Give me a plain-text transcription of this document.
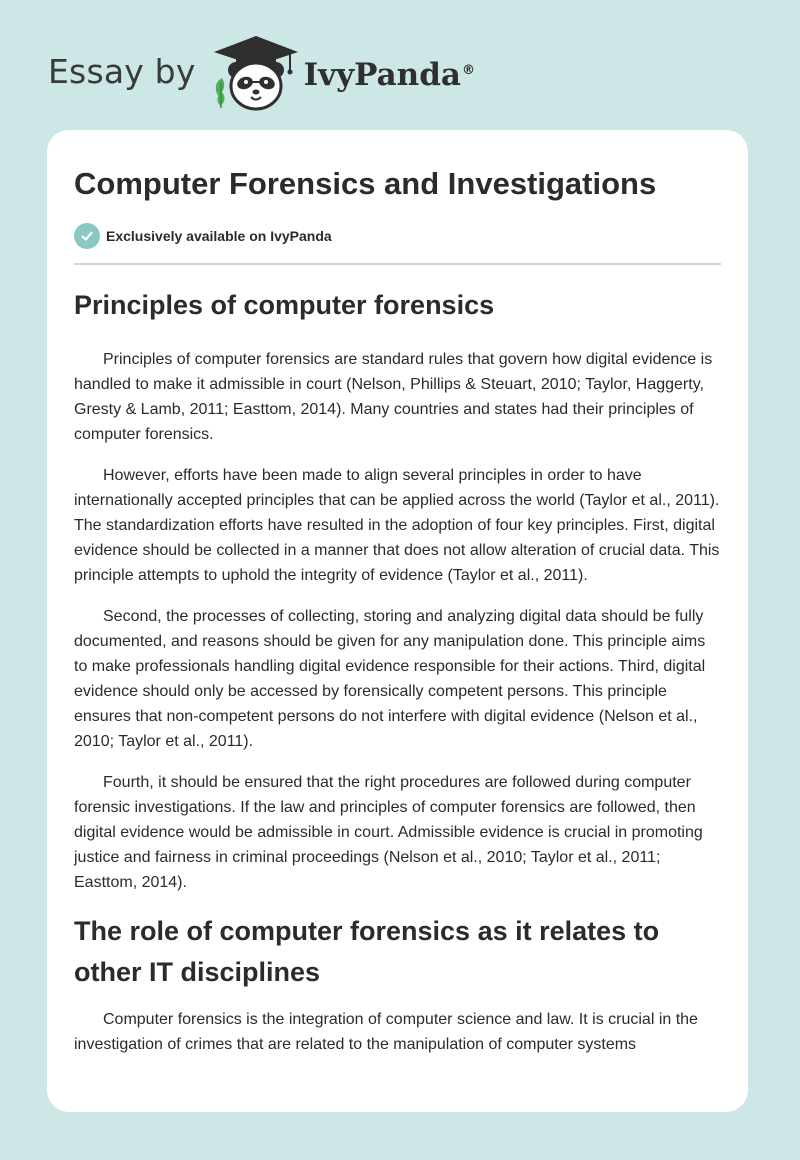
Essay by	IvyPanda®
Computer Forensics and Investigations
Exclusively available on IvyPanda
Principles of computer forensics

Principles of computer forensics are standard rules that govern how digital evidence is handled to make it admissible in court (Nelson, Phillips & Steuart, 2010; Taylor, Haggerty, Gresty & Lamb, 2011; Easttom, 2014). Many countries and states had their principles of computer forensics.

However, efforts have been made to align several principles in order to have internationally accepted principles that can be applied across the world (Taylor et al., 2011). The standardization efforts have resulted in the adoption of four key principles. First, digital evidence should be collected in a manner that does not allow alteration of crucial data. This principle attempts to uphold the integrity of evidence (Taylor et al., 2011).

Second, the processes of collecting, storing and analyzing digital data should be fully documented, and reasons should be given for any manipulation done. This principle aims to make professionals handling digital evidence responsible for their actions. Third, digital evidence should only be accessed by forensically competent persons. This principle ensures that non-competent persons do not interfere with digital evidence (Nelson et al., 2010; Taylor et al., 2011).

Fourth, it should be ensured that the right procedures are followed during computer forensic investigations. If the law and principles of computer forensics are followed, then digital evidence would be admissible in court. Admissible evidence is crucial in promoting justice and fairness in criminal proceedings (Nelson et al., 2010; Taylor et al., 2011; Easttom, 2014).

The role of computer forensics as it relates to other IT disciplines

Computer forensics is the integration of computer science and law. It is crucial in the investigation of crimes that are related to the manipulation of computer systems
